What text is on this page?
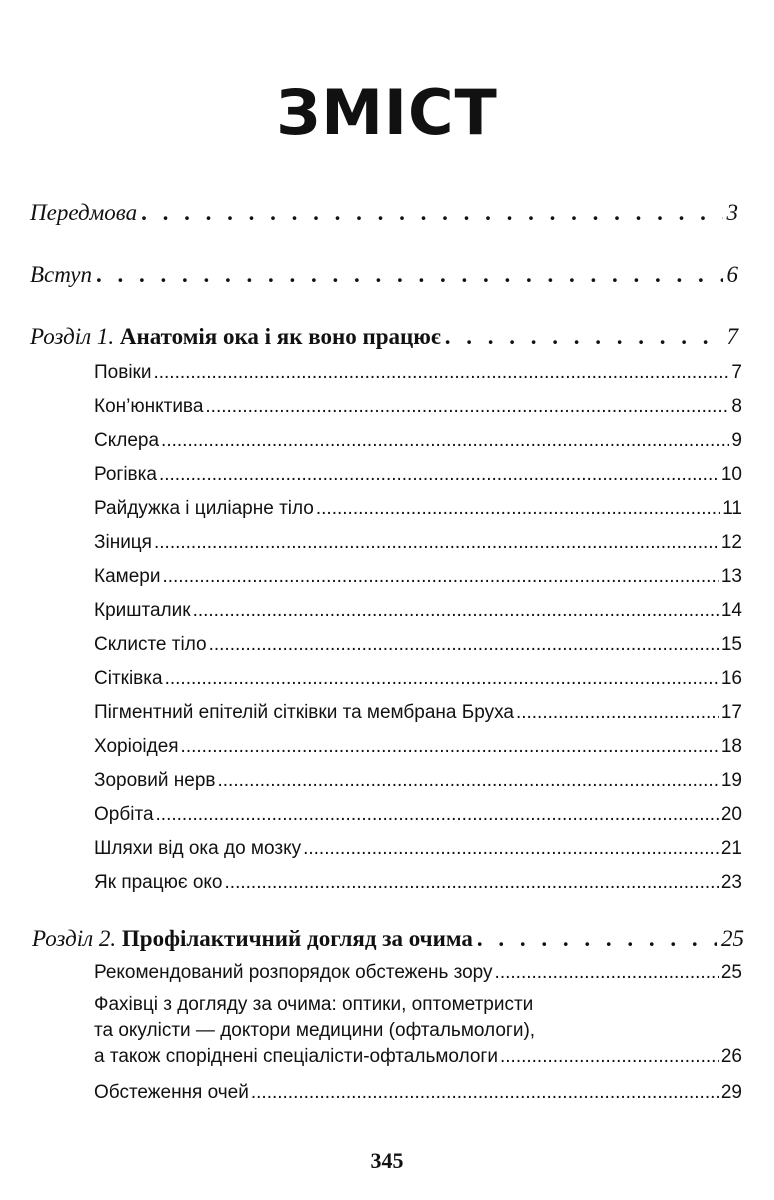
ЗМІСТ
Передмова . . .	3
Вступ . . .	6
Розділ 1. Анатомія ока і як воно працює . . .	7
Повіки .....	7
Кон’юнктива .....	8
Склера .....	9
Рогівка .....	10
Райдужка і циліарне тіло .....	11
Зіниця .....	12
Камери .....	13
Кришталик .....	14
Склисте тіло .....	15
Сітківка .....	16
Пігментний епітелій сітківки та мембрана Бруха .....	17
Хоріоідея .....	18
Зоровий нерв .....	19
Орбіта .....	20
Шляхи від ока до мозку .....	21
Як працює око .....	23
Розділ 2. Профілактичний догляд за очима . . .	25
Рекомендований розпорядок обстежень зору .....	25
Фахівці з догляду за очима: оптики, оптометристи
та окулісти — доктори медицини (офтальмологи),
а також споріднені спеціалісти-офтальмологи .....	26
Обстеження очей .....	29
345
